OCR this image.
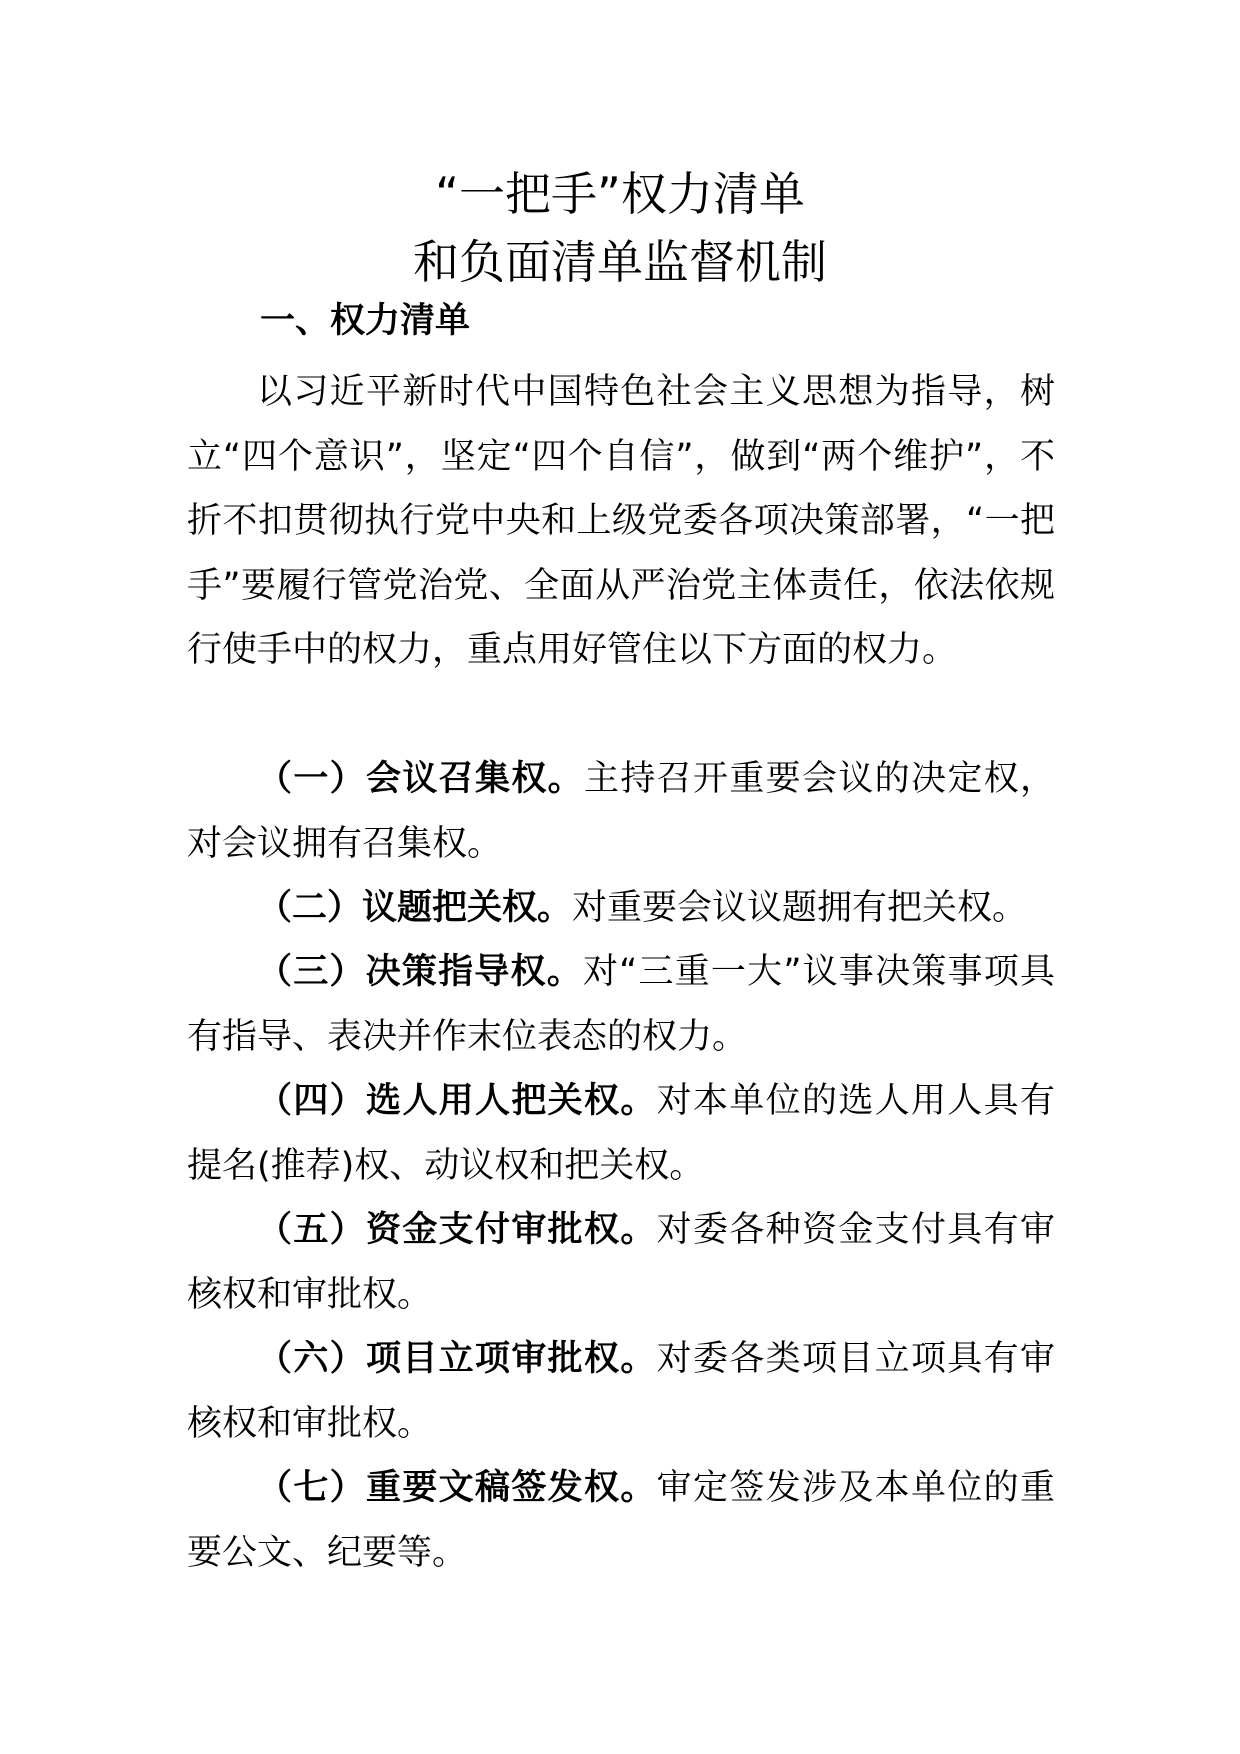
“一把手”权力清单
和负面清单监督机制
一、权力清单

以习近平新时代中国特色社会主义思想为指导，树立“四个意识”，坚定“四个自信”，做到“两个维护”，不折不扣贯彻执行党中央和上级党委各项决策部署，“一把手”要履行管党治党、全面从严治党主体责任，依法依规行使手中的权力，重点用好管住以下方面的权力。

（一）会议召集权。主持召开重要会议的决定权，对会议拥有召集权。

（二）议题把关权。对重要会议议题拥有把关权。

（三）决策指导权。对“三重一大”议事决策事项具有指导、表决并作末位表态的权力。

（四）选人用人把关权。对本单位的选人用人具有提名(推荐)权、动议权和把关权。

（五）资金支付审批权。对委各种资金支付具有审核权和审批权。

（六）项目立项审批权。对委各类项目立项具有审核权和审批权。

（七）重要文稿签发权。审定签发涉及本单位的重要公文、纪要等。
